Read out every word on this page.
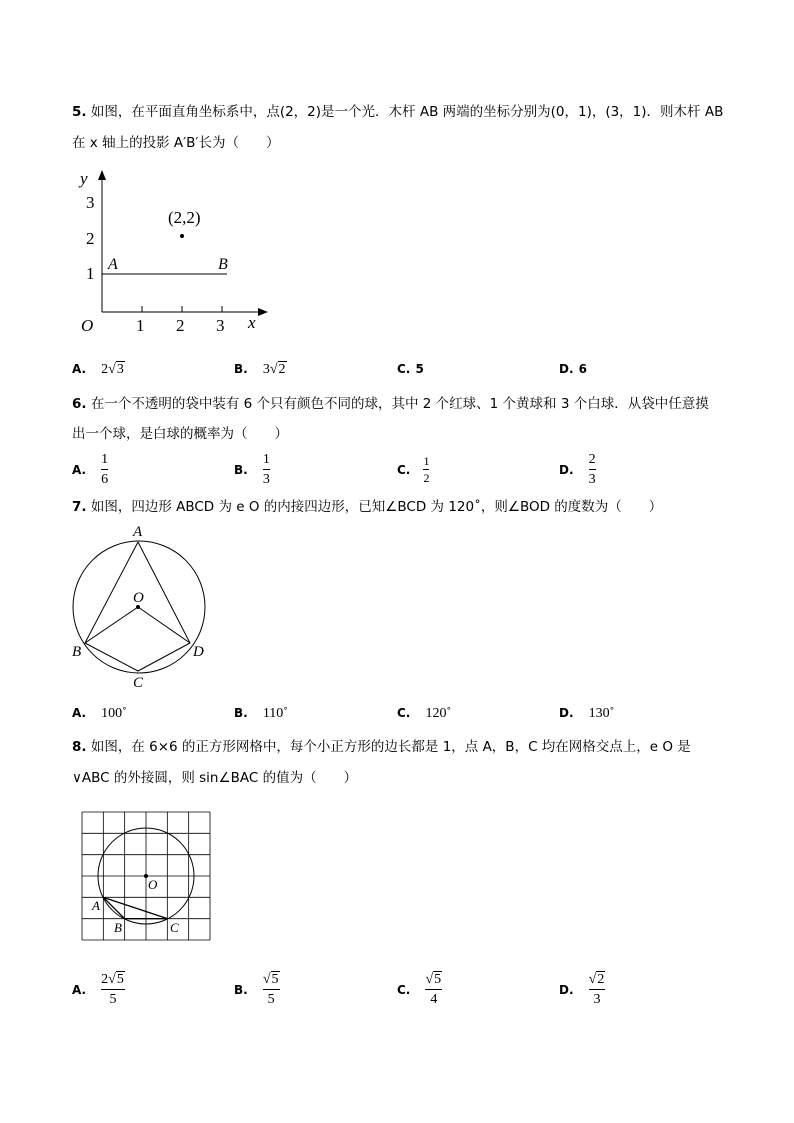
5. 如图，在平面直角坐标系中，点(2，2)是一个光．木杆 AB 两端的坐标分别为(0，1)，(3，1)．则木杆 AB
在 x 轴上的投影 A′B′长为（　　）
y
x
O	1 2 3
1
2
3
(2,2)
A	B
A. 2√3	B. 3√2	C. 5	D. 6
6. 在一个不透明的袋中装有 6 个只有颜色不同的球，其中 2 个红球、1 个黄球和 3 个白球．从袋中任意摸
出一个球，是白球的概率为（　　）
A. $\frac{1}{6}$	B. $\frac{1}{3}$	C. $\frac{1}{2}$	D. $\frac{2}{3}$
7. 如图，四边形 ABCD 为 e O 的内接四边形，已知∠BCD 为 120˚，则∠BOD 的度数为（　　）
A
B
C
D
O
A. 100˚	B. 110˚	C. 120˚	D. 130˚
8. 如图，在 6×6 的正方形网格中，每个小正方形的边长都是 1，点 A，B，C 均在网格交点上，e O 是
∨ABC 的外接圆，则 sin∠BAC 的值为（　　）
A
B	C
O
A. $\frac{2√5}{5}$	B. $\frac{√5}{5}$	C. $\frac{√5}{4}$	D. $\frac{√2}{3}$
